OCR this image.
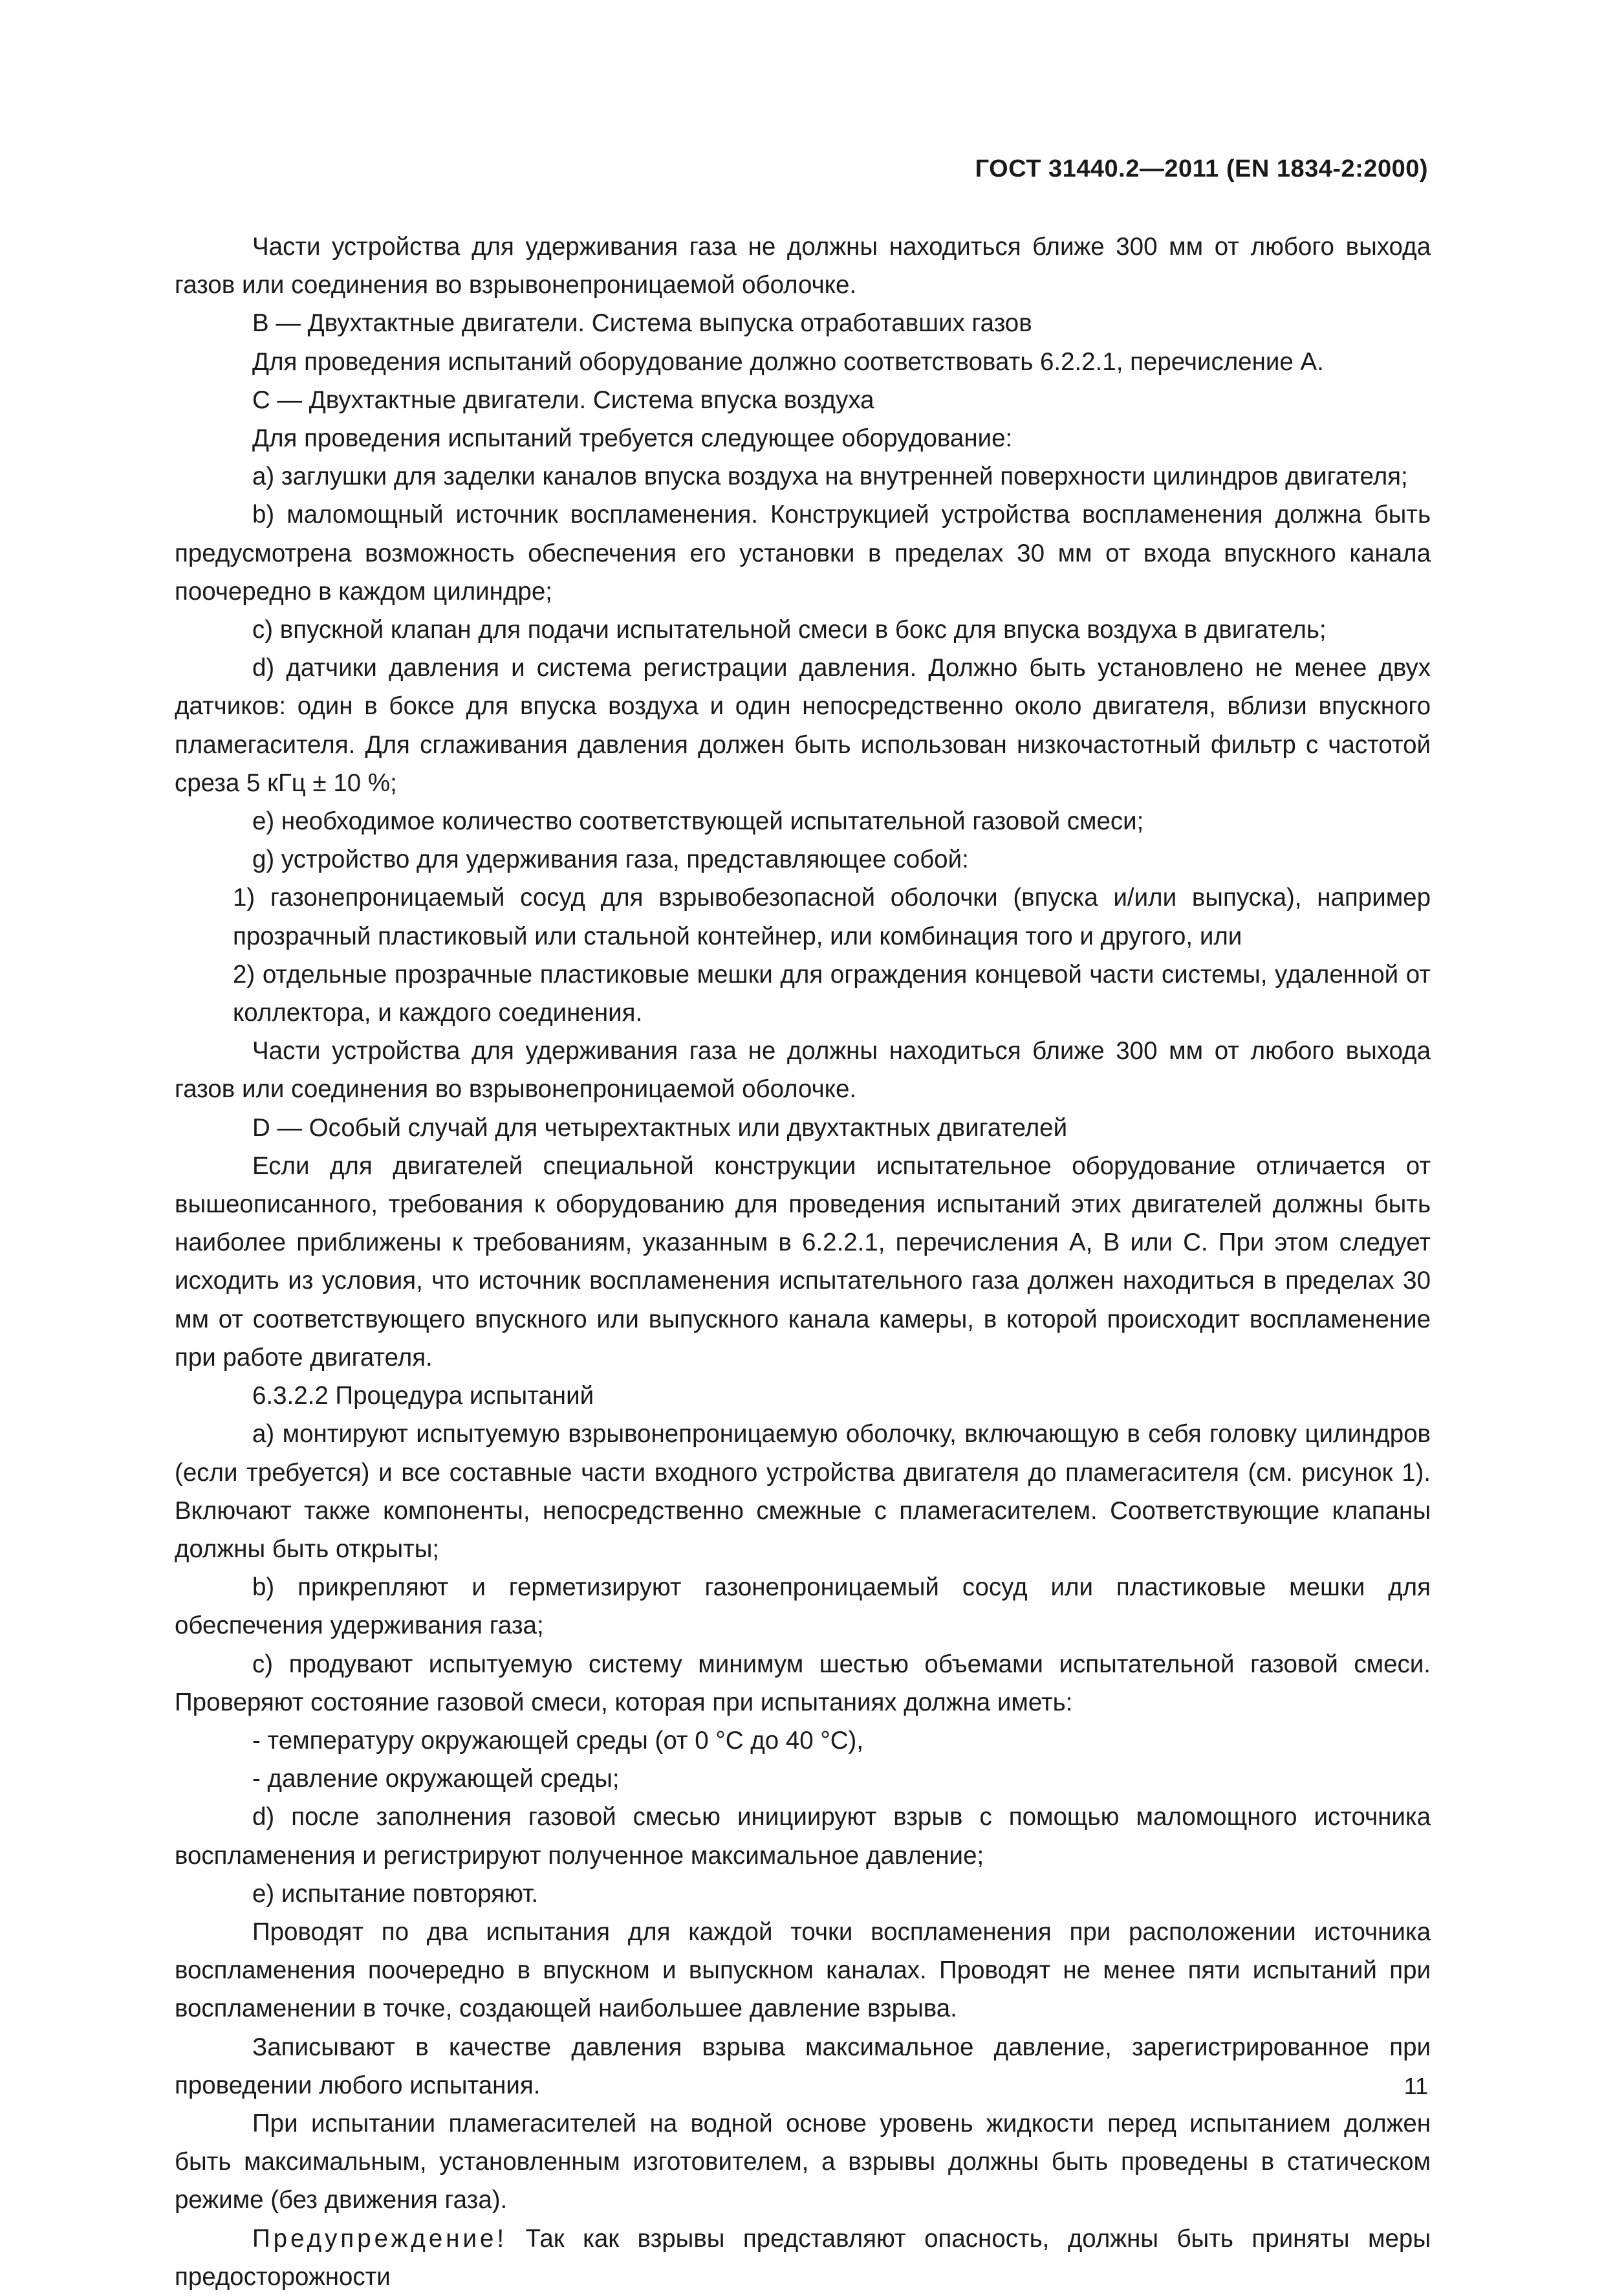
ГОСТ 31440.2—2011 (EN 1834-2:2000)

Части устройства для удерживания газа не должны находиться ближе 300 мм от любого выхода газов или соединения во взрывонепроницаемой оболочке.

B — Двухтактные двигатели. Система выпуска отработавших газов

Для проведения испытаний оборудование должно соответствовать 6.2.2.1, перечисление A.

C — Двухтактные двигатели. Система впуска воздуха

Для проведения испытаний требуется следующее оборудование:

a) заглушки для заделки каналов впуска воздуха на внутренней поверхности цилиндров двигателя;

b) маломощный источник воспламенения. Конструкцией устройства воспламенения должна быть предусмотрена возможность обеспечения его установки в пределах 30 мм от входа впускного канала поочередно в каждом цилиндре;

c) впускной клапан для подачи испытательной смеси в бокс для впуска воздуха в двигатель;

d) датчики давления и система регистрации давления. Должно быть установлено не менее двух датчиков: один в боксе для впуска воздуха и один непосредственно около двигателя, вблизи впускного пламегасителя. Для сглаживания давления должен быть использован низкочастотный фильтр с частотой среза 5 кГц ± 10 %;

e) необходимое количество соответствующей испытательной газовой смеси;

g) устройство для удерживания газа, представляющее собой:

1) газонепроницаемый сосуд для взрывобезопасной оболочки (впуска и/или выпуска), например прозрачный пластиковый или стальной контейнер, или комбинация того и другого, или

2) отдельные прозрачные пластиковые мешки для ограждения концевой части системы, удаленной от коллектора, и каждого соединения.

Части устройства для удерживания газа не должны находиться ближе 300 мм от любого выхода газов или соединения во взрывонепроницаемой оболочке.

D — Особый случай для четырехтактных или двухтактных двигателей

Если для двигателей специальной конструкции испытательное оборудование отличается от вышеописанного, требования к оборудованию для проведения испытаний этих двигателей должны быть наиболее приближены к требованиям, указанным в 6.2.2.1, перечисления A, B или C. При этом следует исходить из условия, что источник воспламенения испытательного газа должен находиться в пределах 30 мм от соответствующего впускного или выпускного канала камеры, в которой происходит воспламенение при работе двигателя.

6.3.2.2 Процедура испытаний

a) монтируют испытуемую взрывонепроницаемую оболочку, включающую в себя головку цилиндров (если требуется) и все составные части входного устройства двигателя до пламегасителя (см. рисунок 1). Включают также компоненты, непосредственно смежные с пламегасителем. Соответствующие клапаны должны быть открыты;

b) прикрепляют и герметизируют газонепроницаемый сосуд или пластиковые мешки для обеспечения удерживания газа;

c) продувают испытуемую систему минимум шестью объемами испытательной газовой смеси. Проверяют состояние газовой смеси, которая при испытаниях должна иметь:

- температуру окружающей среды (от 0 °C до 40 °C),

- давление окружающей среды;

d) после заполнения газовой смесью инициируют взрыв с помощью маломощного источника воспламенения и регистрируют полученное максимальное давление;

e) испытание повторяют.

Проводят по два испытания для каждой точки воспламенения при расположении источника воспламенения поочередно в впускном и выпускном каналах. Проводят не менее пяти испытаний при воспламенении в точке, создающей наибольшее давление взрыва.

Записывают в качестве давления взрыва максимальное давление, зарегистрированное при проведении любого испытания.

При испытании пламегасителей на водной основе уровень жидкости перед испытанием должен быть максимальным, установленным изготовителем, а взрывы должны быть проведены в статическом режиме (без движения газа).

Предупреждение! Так как взрывы представляют опасность, должны быть приняты меры предосторожности

11
